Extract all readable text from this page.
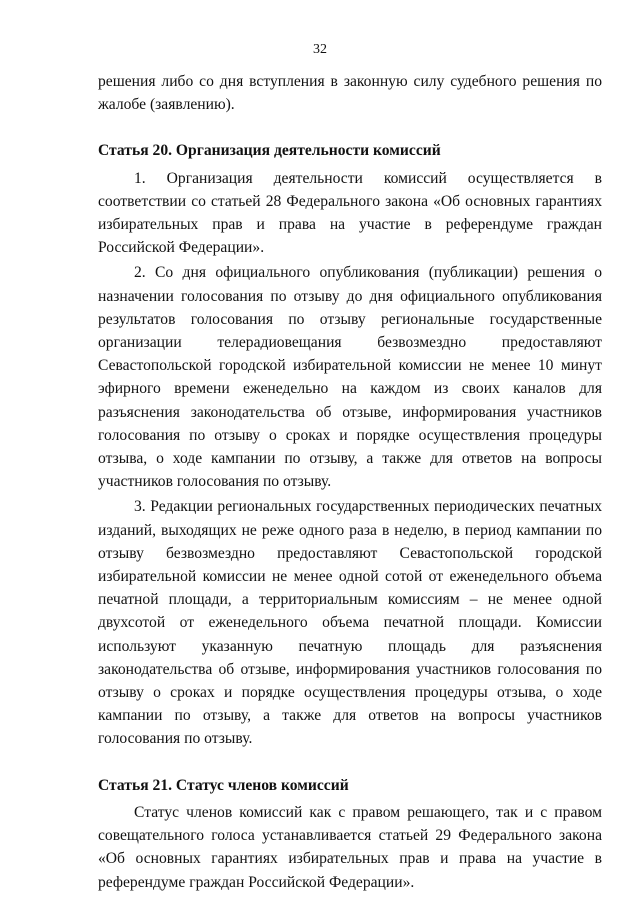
32

решения либо со дня вступления в законную силу судебного решения по жалобе (заявлению).

Статья 20. Организация деятельности комиссий

1. Организация деятельности комиссий осуществляется в соответствии со статьей 28 Федерального закона «Об основных гарантиях избирательных прав и права на участие в референдуме граждан Российской Федерации».

2. Со дня официального опубликования (публикации) решения о назначении голосования по отзыву до дня официального опубликования результатов голосования по отзыву региональные государственные организации телерадиовещания безвозмездно предоставляют Севастопольской городской избирательной комиссии не менее 10 минут эфирного времени еженедельно на каждом из своих каналов для разъяснения законодательства об отзыве, информирования участников голосования по отзыву о сроках и порядке осуществления процедуры отзыва, о ходе кампании по отзыву, а также для ответов на вопросы участников голосования по отзыву.

3. Редакции региональных государственных периодических печатных изданий, выходящих не реже одного раза в неделю, в период кампании по отзыву безвозмездно предоставляют Севастопольской городской избирательной комиссии не менее одной сотой от еженедельного объема печатной площади, а территориальным комиссиям – не менее одной двухсотой от еженедельного объема печатной площади. Комиссии используют указанную печатную площадь для разъяснения законодательства об отзыве, информирования участников голосования по отзыву о сроках и порядке осуществления процедуры отзыва, о ходе кампании по отзыву, а также для ответов на вопросы участников голосования по отзыву.

Статья 21. Статус членов комиссий

Статус членов комиссий как с правом решающего, так и с правом совещательного голоса устанавливается статьей 29 Федерального закона «Об основных гарантиях избирательных прав и права на участие в референдуме граждан Российской Федерации».
